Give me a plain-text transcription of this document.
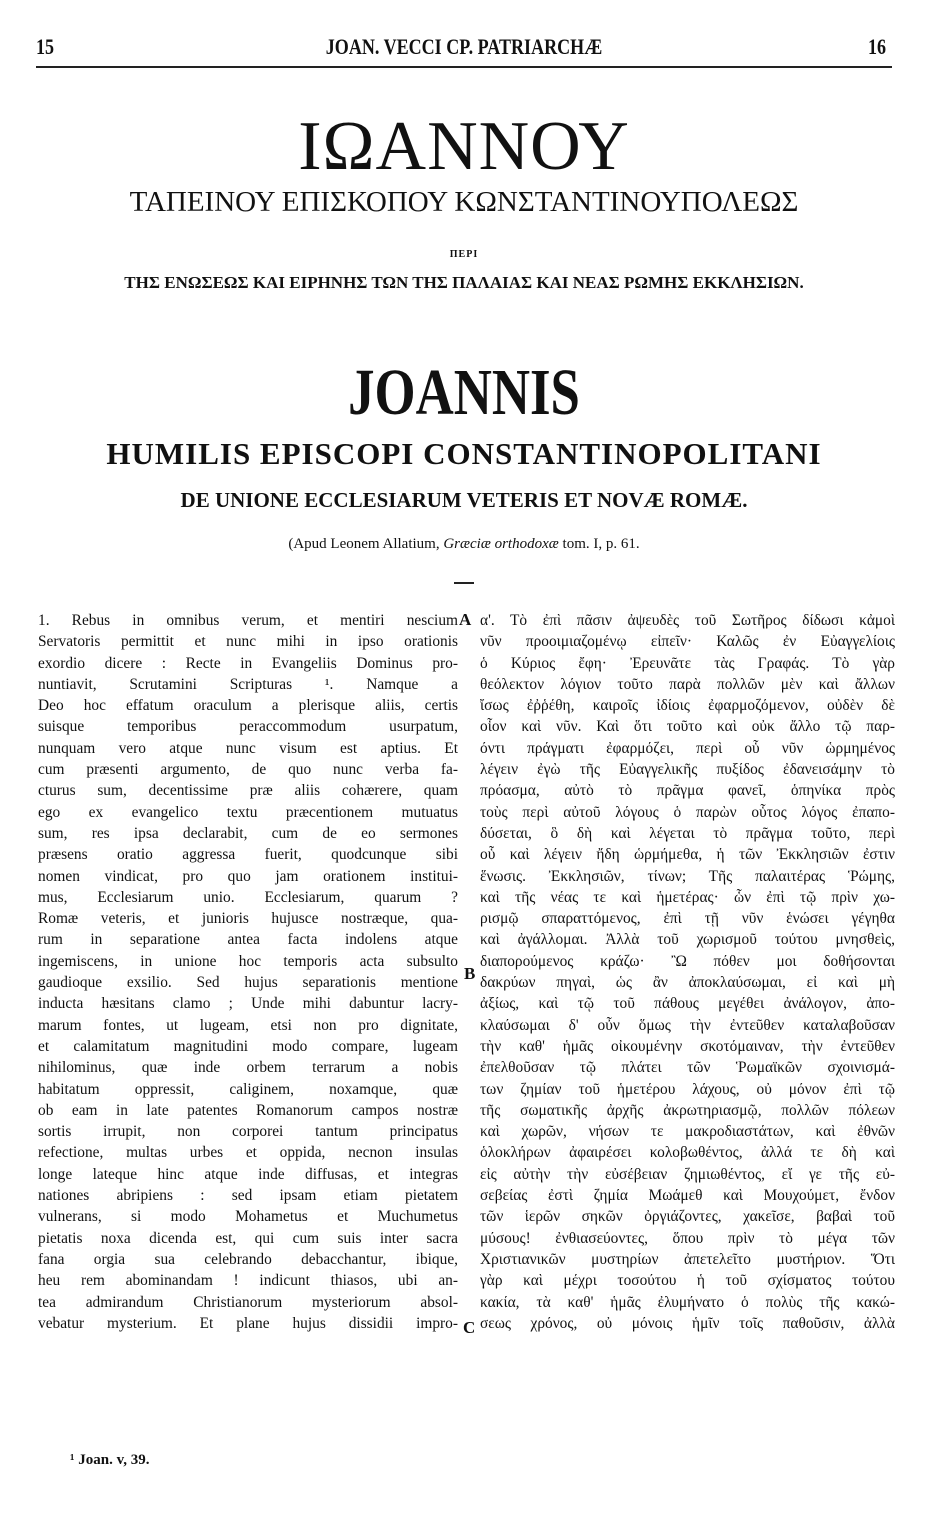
15	JOAN. VECCI CP. PATRIARCHÆ	16
ΙΩΑΝΝΟΥ
ΤΑΠΕΙΝΟΥ ΕΠΙΣΚΟΠΟΥ ΚΩΝΣΤΑΝΤΙΝΟΥΠΟΛΕΩΣ
ΠΕΡΙ
ΤΗΣ ΕΝΩΣΕΩΣ ΚΑΙ ΕΙΡΗΝΗΣ ΤΩΝ ΤΗΣ ΠΑΛΑΙΑΣ ΚΑΙ ΝΕΑΣ ΡΩΜΗΣ ΕΚΚΛΗΣΙΩΝ.
JOANNIS
HUMILIS EPISCOPI CONSTANTINOPOLITANI
DE UNIONE ECCLESIARUM VETERIS ET NOVÆ ROMÆ.
(Apud Leonem Allatium, Græciæ orthodoxæ tom. I, p. 61.
1. Rebus in omnibus verum, et mentiri nescium
Servatoris permittit et nunc mihi in ipso orationis
exordio dicere : Recte in Evangeliis Dominus pro-
nuntiavit, Scrutamini Scripturas ¹. Namque a
Deo hoc effatum oraculum a plerisque aliis, certis
suisque temporibus peraccommodum usurpatum,
nunquam vero atque nunc visum est aptius. Et
cum præsenti argumento, de quo nunc verba fa-
cturus sum, decentissime præ aliis cohærere, quam
ego ex evangelico textu præcentionem mutuatus
sum, res ipsa declarabit, cum de eo sermones
præsens oratio aggressa fuerit, quodcunque sibi
nomen vindicat, pro quo jam orationem institui-
mus, Ecclesiarum unio. Ecclesiarum, quarum ?
Romæ veteris, et junioris hujusce nostræque, qua-
rum in separatione antea facta indolens atque
ingemiscens, in unione hoc temporis acta subsulto
gaudioque exsilio. Sed hujus separationis mentione
inducta hæsitans clamo ; Unde mihi dabuntur lacry-
marum fontes, ut lugeam, etsi non pro dignitate,
et calamitatum magnitudini modo compare, lugeam
nihilominus, quæ inde orbem terrarum a nobis
habitatum oppressit, caliginem, noxamque, quæ
ob eam in late patentes Romanorum campos nostræ
sortis irrupit, non corporei tantum principatus
refectione, multas urbes et oppida, necnon insulas
longe lateque hinc atque inde diffusas, et integras
nationes abripiens : sed ipsam etiam pietatem
vulnerans, si modo Mohametus et Muchumetus
pietatis noxa dicenda est, qui cum suis inter sacra
fana orgia sua celebrando debacchantur, ibique,
heu rem abominandam ! indicunt thiasos, ubi an-
tea admirandum Christianorum mysteriorum absol-
vebatur mysterium. Et plane hujus dissidii impro-
α'. Τὸ ἐπὶ πᾶσιν ἀψευδὲς τοῦ Σωτῆρος δίδωσι κἀμοὶ
νῦν προοιμιαζομένῳ εἰπεῖν· Καλῶς ἐν Εὐαγγελίοις
ὁ Κύριος ἔφη· Ἐρευνᾶτε τὰς Γραφάς. Τὸ γὰρ
θεόλεκτον λόγιον τοῦτο παρὰ πολλῶν μὲν καὶ ἄλλων
ἴσως ἐῤῥέθη, καιροῖς ἰδίοις ἐφαρμοζόμενον, οὐδὲν δὲ
οἷον καὶ νῦν. Καὶ ὅτι τοῦτο καὶ οὐκ ἄλλο τῷ παρ-
όντι πράγματι ἐφαρμόζει, περὶ οὗ νῦν ὡρμημένος
λέγειν ἐγὼ τῆς Εὐαγγελικῆς πυξίδος ἐδανεισάμην τὸ
πρόασμα, αὐτὸ τὸ πρᾶγμα φανεῖ, ὁπηνίκα πρὸς
τοὺς περὶ αὐτοῦ λόγους ὁ παρὼν οὗτος λόγος ἐπαπο-
δύσεται, ὃ δὴ καὶ λέγεται τὸ πρᾶγμα τοῦτο, περὶ
οὗ καὶ λέγειν ἤδη ὡρμήμεθα, ἡ τῶν Ἐκκλησιῶν ἐστιν
ἕνωσις. Ἐκκλησιῶν, τίνων; Τῆς παλαιτέρας Ῥώμης,
καὶ τῆς νέας τε καὶ ἡμετέρας· ὧν ἐπὶ τῷ πρὶν χω-
ρισμῷ σπαραττόμενος, ἐπὶ τῇ νῦν ἑνώσει γέγηθα
καὶ ἀγάλλομαι. Ἀλλὰ τοῦ χωρισμοῦ τούτου μνησθεὶς,
διαπορούμενος κράζω· Ὢ πόθεν μοι δοθήσονται
δακρύων πηγαὶ, ὡς ἂν ἀποκλαύσωμαι, εἰ καὶ μὴ
ἀξίως, καὶ τῷ τοῦ πάθους μεγέθει ἀνάλογον, ἀπο-
κλαύσωμαι δ' οὖν ὅμως τὴν ἐντεῦθεν καταλαβοῦσαν
τὴν καθ' ἡμᾶς οἰκουμένην σκοτόμαιναν, τὴν ἐντεῦθεν
ἐπελθοῦσαν τῷ πλάτει τῶν Ῥωμαϊκῶν σχοινισμά-
των ζημίαν τοῦ ἡμετέρου λάχους, οὐ μόνον ἐπὶ τῷ
τῆς σωματικῆς ἀρχῆς ἀκρωτηριασμῷ, πολλῶν πόλεων
καὶ χωρῶν, νήσων τε μακροδιαστάτων, καὶ ἐθνῶν
ὁλοκλήρων ἀφαιρέσει κολοβωθέντος, ἀλλά τε δὴ καὶ
εἰς αὐτὴν τὴν εὐσέβειαν ζημιωθέντος, εἴ γε τῆς εὐ-
σεβείας ἐστὶ ζημία Μωάμεθ καὶ Μουχούμετ, ἔνδον
τῶν ἱερῶν σηκῶν ὀργιάζοντες, χακεῖσε, βαβαὶ τοῦ
μύσους! ἐνθιασεύοντες, ὅπου πρὶν τὸ μέγα τῶν
Χριστιανικῶν μυστηρίων ἀπετελεῖτο μυστήριον. Ὅτι
γὰρ καὶ μέχρι τοσούτου ἡ τοῦ σχίσματος τούτου
κακία, τὰ καθ' ἡμᾶς ἐλυμήνατο ὁ πολὺς τῆς κακώ-
σεως χρόνος, οὐ μόνοις ἡμῖν τοῖς παθοῦσιν, ἀλλὰ
A
B
C
¹ Joan. v, 39.
